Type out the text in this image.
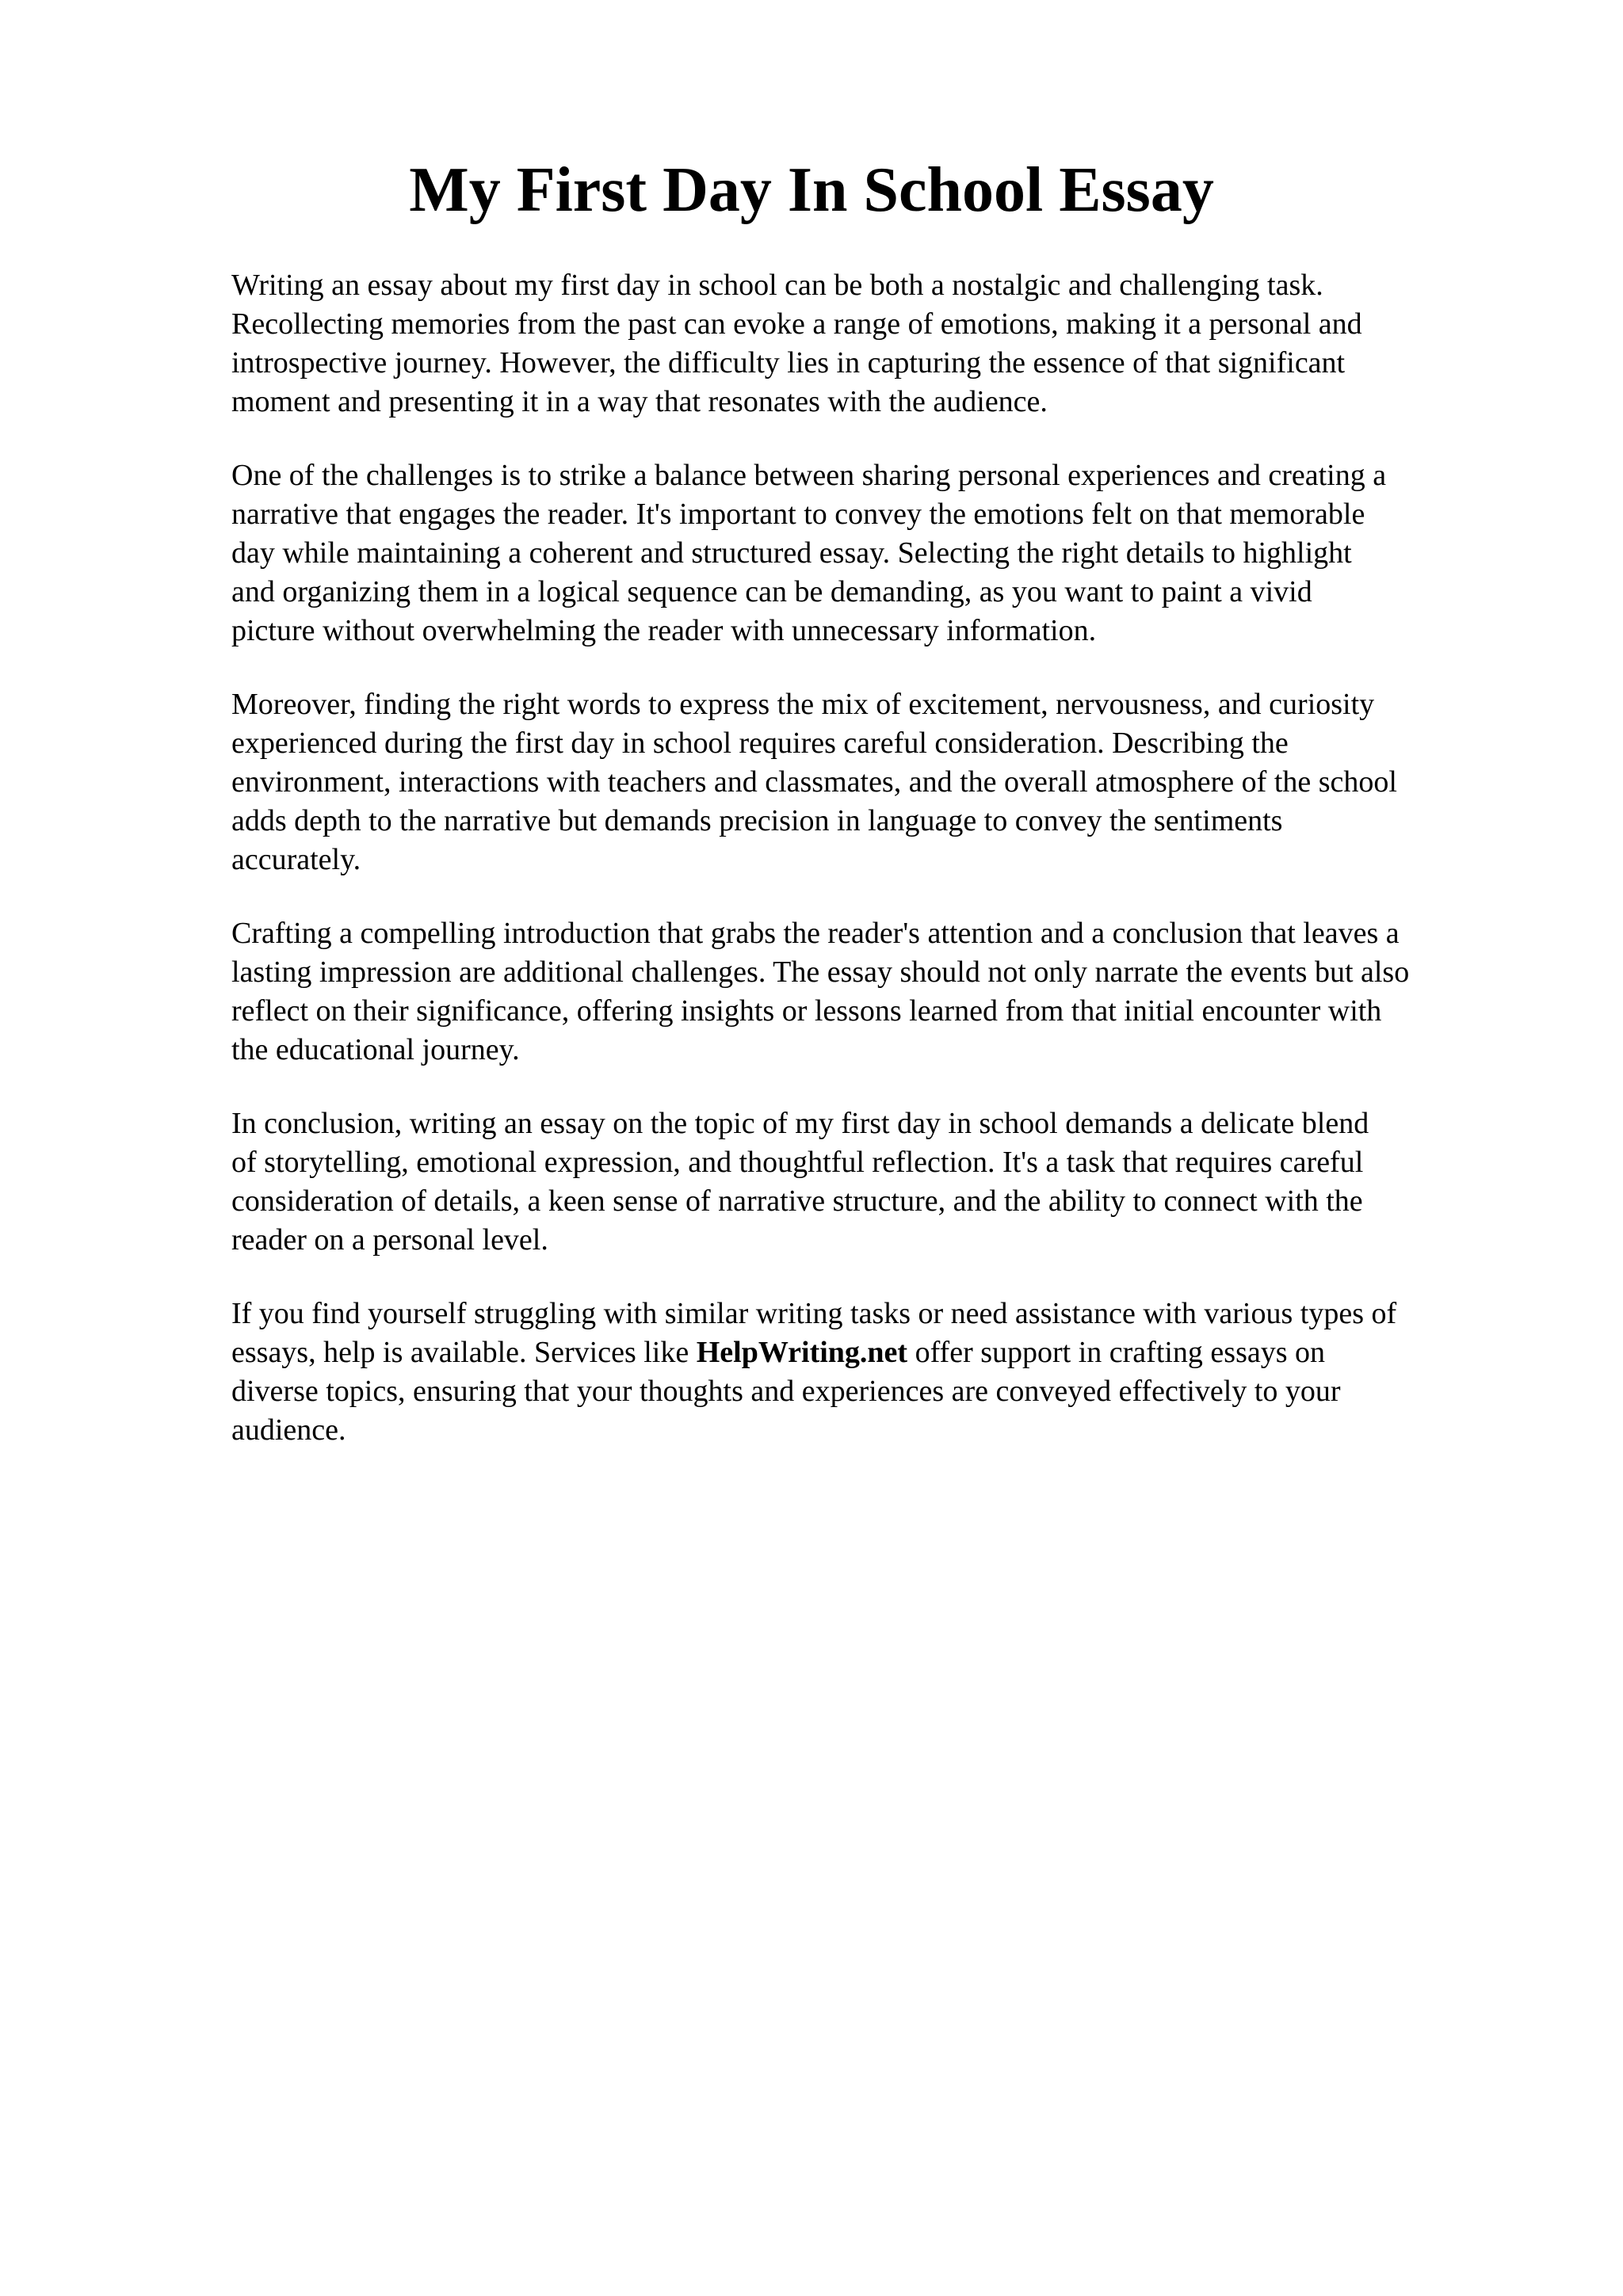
My First Day In School Essay

Writing an essay about my first day in school can be both a nostalgic and challenging task.
Recollecting memories from the past can evoke a range of emotions, making it a personal and
introspective journey. However, the difficulty lies in capturing the essence of that significant
moment and presenting it in a way that resonates with the audience.

One of the challenges is to strike a balance between sharing personal experiences and creating a
narrative that engages the reader. It's important to convey the emotions felt on that memorable
day while maintaining a coherent and structured essay. Selecting the right details to highlight
and organizing them in a logical sequence can be demanding, as you want to paint a vivid
picture without overwhelming the reader with unnecessary information.

Moreover, finding the right words to express the mix of excitement, nervousness, and curiosity
experienced during the first day in school requires careful consideration. Describing the
environment, interactions with teachers and classmates, and the overall atmosphere of the school
adds depth to the narrative but demands precision in language to convey the sentiments
accurately.

Crafting a compelling introduction that grabs the reader's attention and a conclusion that leaves a
lasting impression are additional challenges. The essay should not only narrate the events but also
reflect on their significance, offering insights or lessons learned from that initial encounter with
the educational journey.

In conclusion, writing an essay on the topic of my first day in school demands a delicate blend
of storytelling, emotional expression, and thoughtful reflection. It's a task that requires careful
consideration of details, a keen sense of narrative structure, and the ability to connect with the
reader on a personal level.

If you find yourself struggling with similar writing tasks or need assistance with various types of
essays, help is available. Services like HelpWriting.net offer support in crafting essays on
diverse topics, ensuring that your thoughts and experiences are conveyed effectively to your
audience.
